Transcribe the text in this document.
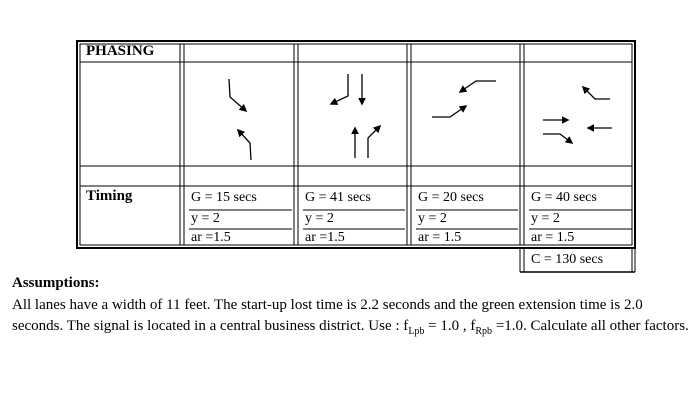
PHASING
Timing	G = 15 secs
y = 2
ar =1.5
G = 41 secs
y = 2
ar =1.5
G = 20 secs
y = 2
ar = 1.5
G = 40 secs
y = 2
ar = 1.5
C = 130 secs
Assumptions:
All lanes have a width of 11 feet. The start-up lost time is 2.2 seconds and the green extension time is 2.0 seconds. The signal is located in a central business district. Use : $f_{Lpb} = 1.0$ , $f_{Rpb} =1.0$. Calculate all other factors.
